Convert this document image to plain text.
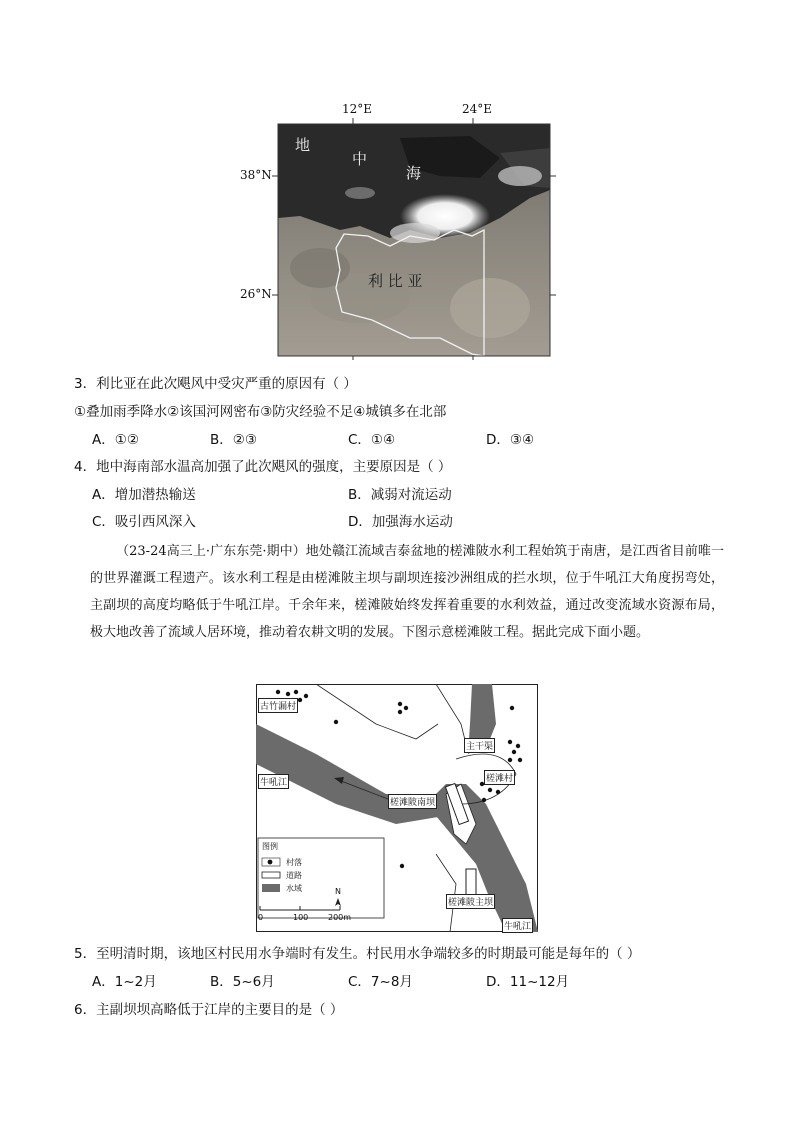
12°E	24°E
38°N
26°N
地
中
海
利 比 亚
3．利比亚在此次飓风中受灾严重的原因有（ ）
①叠加雨季降水②该国河网密布③防灾经验不足④城镇多在北部
A．①②	B．②③	C．①④	D．③④
4．地中海南部水温高加强了此次飓风的强度，主要原因是（ ）
A．增加潜热输送	B．减弱对流运动
C．吸引西风深入	D．加强海水运动
（23-24高三上·广东东莞·期中）地处赣江流域吉泰盆地的槎滩陂水利工程始筑于南唐，是江西省目前唯一的世界灌溉工程遗产。该水利工程是由槎滩陂主坝与副坝连接沙洲组成的拦水坝，位于牛吼江大角度拐弯处，主副坝的高度均略低于牛吼江岸。千余年来，槎滩陂始终发挥着重要的水利效益，通过改变流域水资源布局，极大地改善了流域人居环境，推动着农耕文明的发展。下图示意槎滩陂工程。据此完成下面小题。
古竹漏村
主干渠
槎滩村
牛吼江
槎滩陂南坝
槎滩陂主坝
牛吼江
图例
村落
道路
水域	N
0	100 200m
5．至明清时期，该地区村民用水争端时有发生。村民用水争端较多的时期最可能是每年的（ ）
A．1~2月	B．5~6月	C．7~8月	D．11~12月
6．主副坝坝高略低于江岸的主要目的是（ ）
